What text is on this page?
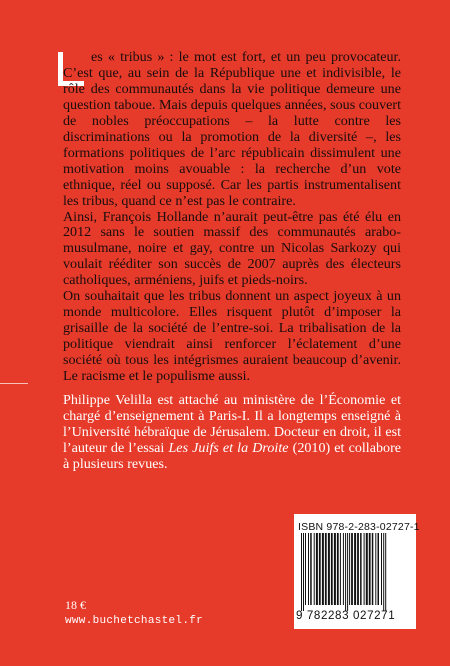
es « tribus » : le mot est fort, et un peu provocateur. C’est que, au sein de la République une et indivisible, le rôle des communautés dans la vie politique demeure une question taboue. Mais depuis quelques années, sous couvert de nobles préoccupations – la lutte contre les discriminations ou la promotion de la diversité –, les formations politiques de l’arc républicain dissimulent une motivation moins avouable : la recherche d’un vote ethnique, réel ou supposé. Car les partis instrumentalisent les tribus, quand ce n’est pas le contraire.

Ainsi, François Hollande n’aurait peut-être pas été élu en 2012 sans le soutien massif des communautés arabo-musulmane, noire et gay, contre un Nicolas Sarkozy qui voulait rééditer son succès de 2007 auprès des électeurs catholiques, arméniens, juifs et pieds-noirs.

On souhaitait que les tribus donnent un aspect joyeux à un monde multicolore. Elles risquent plutôt d’imposer la grisaille de la société de l’entre-soi. La tribalisation de la politique viendrait ainsi renforcer l’éclatement d’une société où tous les intégrismes auraient beaucoup d’avenir. Le racisme et le populisme aussi.

Philippe Velilla est attaché au ministère de l’Économie et chargé d’enseignement à Paris-I. Il a longtemps enseigné à l’Université hébraïque de Jérusalem. Docteur en droit, il est l’auteur de l’essai Les Juifs et la Droite (2010) et collabore à plusieurs revues.
ISBN 978-2-283-02727-1
9 782283 027271
18 €
www.buchetchastel.fr
